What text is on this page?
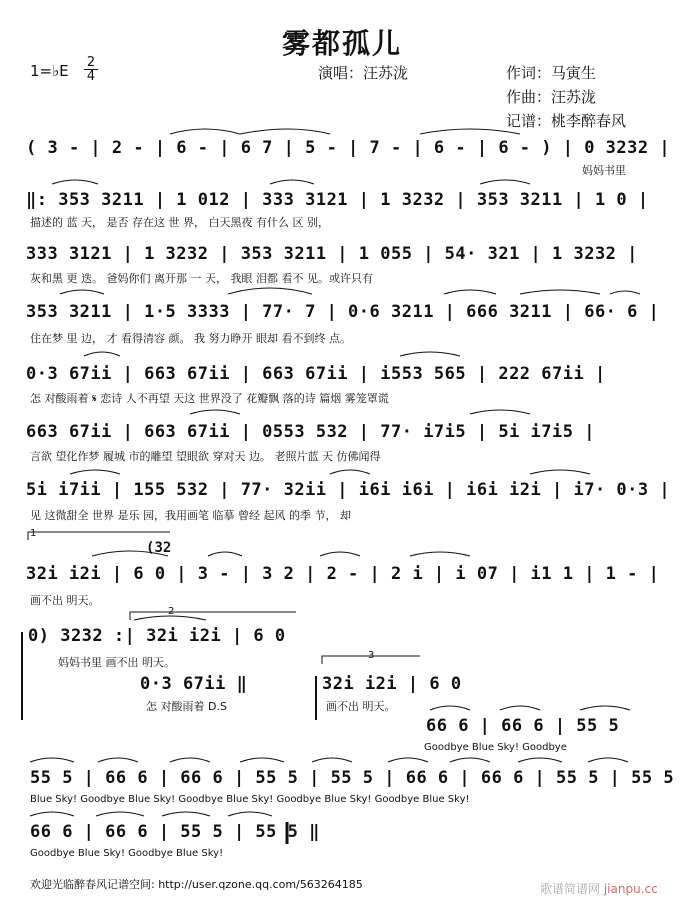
雾都孤儿
1=♭E 2
4	演唱：汪苏泷	作词：马寅生
作曲：汪苏泷
记谱：桃李醉春风
( 3 - | 2 - | 6 - | 6 7 | 5 - | 7 - | 6 - | 6 - ) | 0 3232 |
妈妈书里
‖: 353 3211 | 1 012 | 333 3121 | 1 3232 | 353 3211 | 1 0 |
描述的 蓝 天， 是否 存在这 世 界， 白天黑夜 有什么 区 别，
333 3121 | 1 3232 | 353 3211 | 1 055 | 54· 321 | 1 3232 |
灰和黑 更 迭。 爸妈你们 离开那 一 天， 我眼 泪都 看不 见。或许只有
353 3211 | 1·5 3333 | 77· 7 | 0·6 3211 | 666 3211 | 66· 6 |
住在梦 里 边， 才 看得清容 颜。 我 努力睁开 眼却 看不到终 点。
0·3 67ii | 663 67ii | 663 67ii | i553 565 | 222 67ii |
怎 对酸雨着 𝄋 恋诗 人不再望 天这 世界没了 花瓣飘 落的诗 篇烟 雾笼罩谎
663 67ii | 663 67ii | 0553 532 | 77· i7i5 | 5i i7i5 |
言欲 望化作梦 履城 市的雕望 望眼欲 穿对天 边。 老照片蓝 天 仿佛闻得
5i i7ii | 155 532 | 77· 32ii | i6i i6i | i6i i2i | i7· 0·3 |
见 这微甜全 世界 是乐 园，我用画笔 临摹 曾经 起风 的季 节， 却
(32
1
32i i2i | 6 0 | 3 - | 3 2 | 2 - | 2 i | i 07 | i1 1 | 1 - |
画不出 明天。
2
0) 3232 :| 32i i2i | 6 0
妈妈书里 画不出 明天。
0·3 67ii ‖
怎 对酸雨着 D.S
3
32i i2i | 6 0
画不出 明天。
66 6 | 66 6 | 55 5
Goodbye Blue Sky! Goodbye
55 5 | 66 6 | 66 6 | 55 5 | 55 5 | 66 6 | 66 6 | 55 5 | 55 5
Blue Sky! Goodbye Blue Sky! Goodbye Blue Sky! Goodbye Blue Sky! Goodbye Blue Sky!
66 6 | 66 6 | 55 5 | 55 5 ‖
Goodbye Blue Sky! Goodbye Blue Sky!
欢迎光临醉春风记谱空间: http://user.qzone.qq.com/563264185	歌谱简谱网 jianpu.cc
